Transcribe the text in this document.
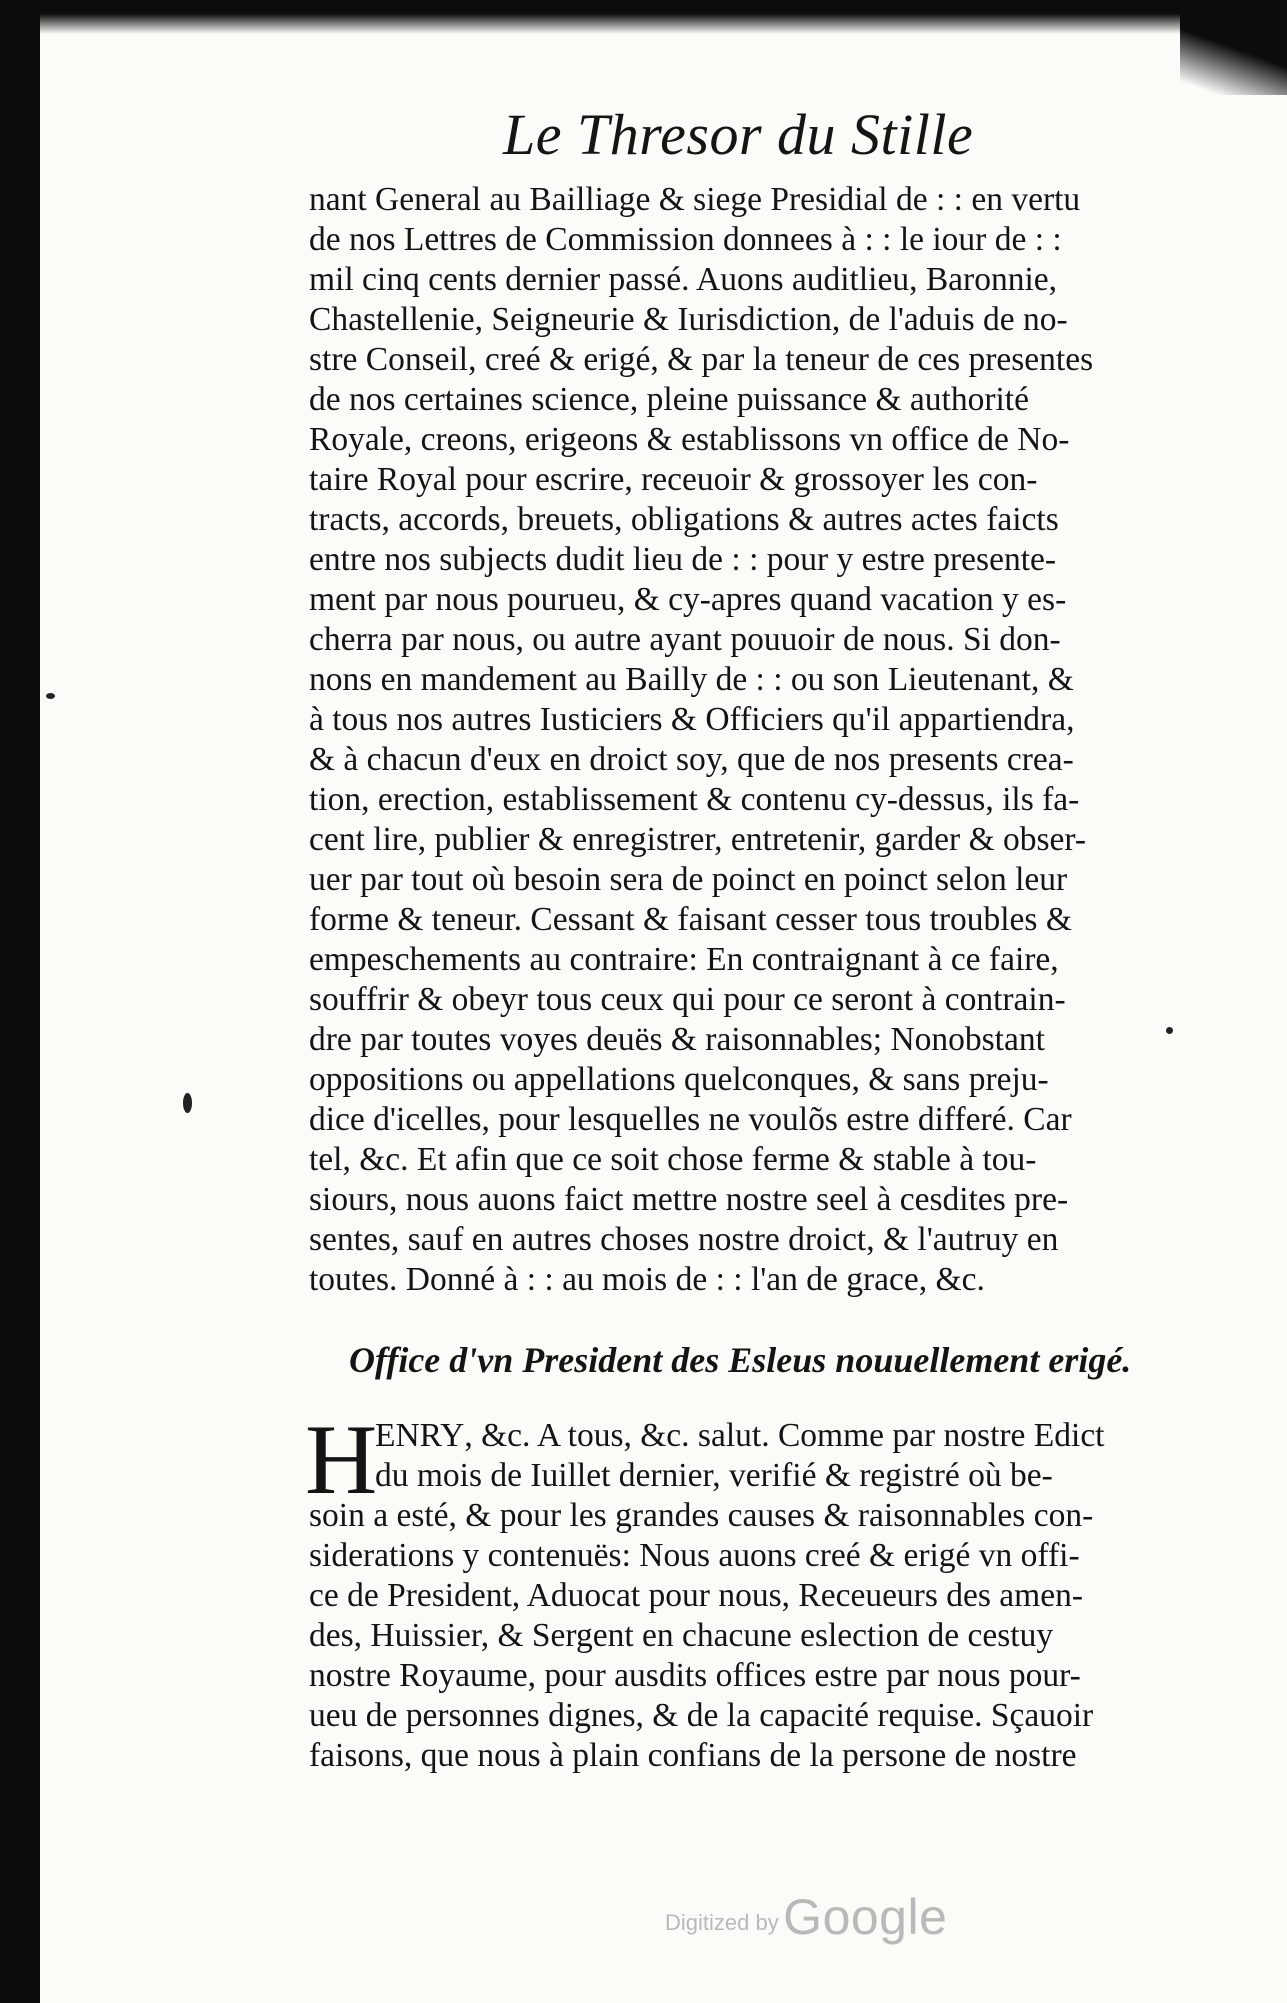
Le Thresor du Stille
nant General au Bailliage & siege Presidial de : : en vertu
de nos Lettres de Commission donnees à : : le iour de : :
mil cinq cents dernier passé. Auons auditlieu, Baronnie,
Chastellenie, Seigneurie & Iurisdiction, de l'aduis de no-
stre Conseil, creé & erigé, & par la teneur de ces presentes
de nos certaines science, pleine puissance & authorité
Royale, creons, erigeons & establissons vn office de No-
taire Royal pour escrire, receuoir & grossoyer les con-
tracts, accords, breuets, obligations & autres actes faicts
entre nos subjects dudit lieu de : : pour y estre presente-
ment par nous pourueu, & cy-apres quand vacation y es-
cherra par nous, ou autre ayant pouuoir de nous. Si don-
nons en mandement au Bailly de : : ou son Lieutenant, &
à tous nos autres Iusticiers & Officiers qu'il appartiendra,
& à chacun d'eux en droict soy, que de nos presents crea-
tion, erection, establissement & contenu cy-dessus, ils fa-
cent lire, publier & enregistrer, entretenir, garder & obser-
uer par tout où besoin sera de poinct en poinct selon leur
forme & teneur. Cessant & faisant cesser tous troubles &
empeschements au contraire: En contraignant à ce faire,
souffrir & obeyr tous ceux qui pour ce seront à contrain-
dre par toutes voyes deuës & raisonnables; Nonobstant
oppositions ou appellations quelconques, & sans preju-
dice d'icelles, pour lesquelles ne voulõs estre differé. Car
tel, &c. Et afin que ce soit chose ferme & stable à tou-
siours, nous auons faict mettre nostre seel à cesdites pre-
sentes, sauf en autres choses nostre droict, & l'autruy en
toutes. Donné à : : au mois de : : l'an de grace, &c.
Office d'vn President des Esleus nouuellement erigé.
H
ENRY, &c. A tous, &c. salut. Comme par nostre Edict
du mois de Iuillet dernier, verifié & registré où be-
soin a esté, & pour les grandes causes & raisonnables con-
siderations y contenuës: Nous auons creé & erigé vn offi-
ce de President, Aduocat pour nous, Receueurs des amen-
des, Huissier, & Sergent en chacune eslection de cestuy
nostre Royaume, pour ausdits offices estre par nous pour-
ueu de personnes dignes, & de la capacité requise. Sçauoir
faisons, que nous à plain confians de la persone de nostre
Digitized by Google
